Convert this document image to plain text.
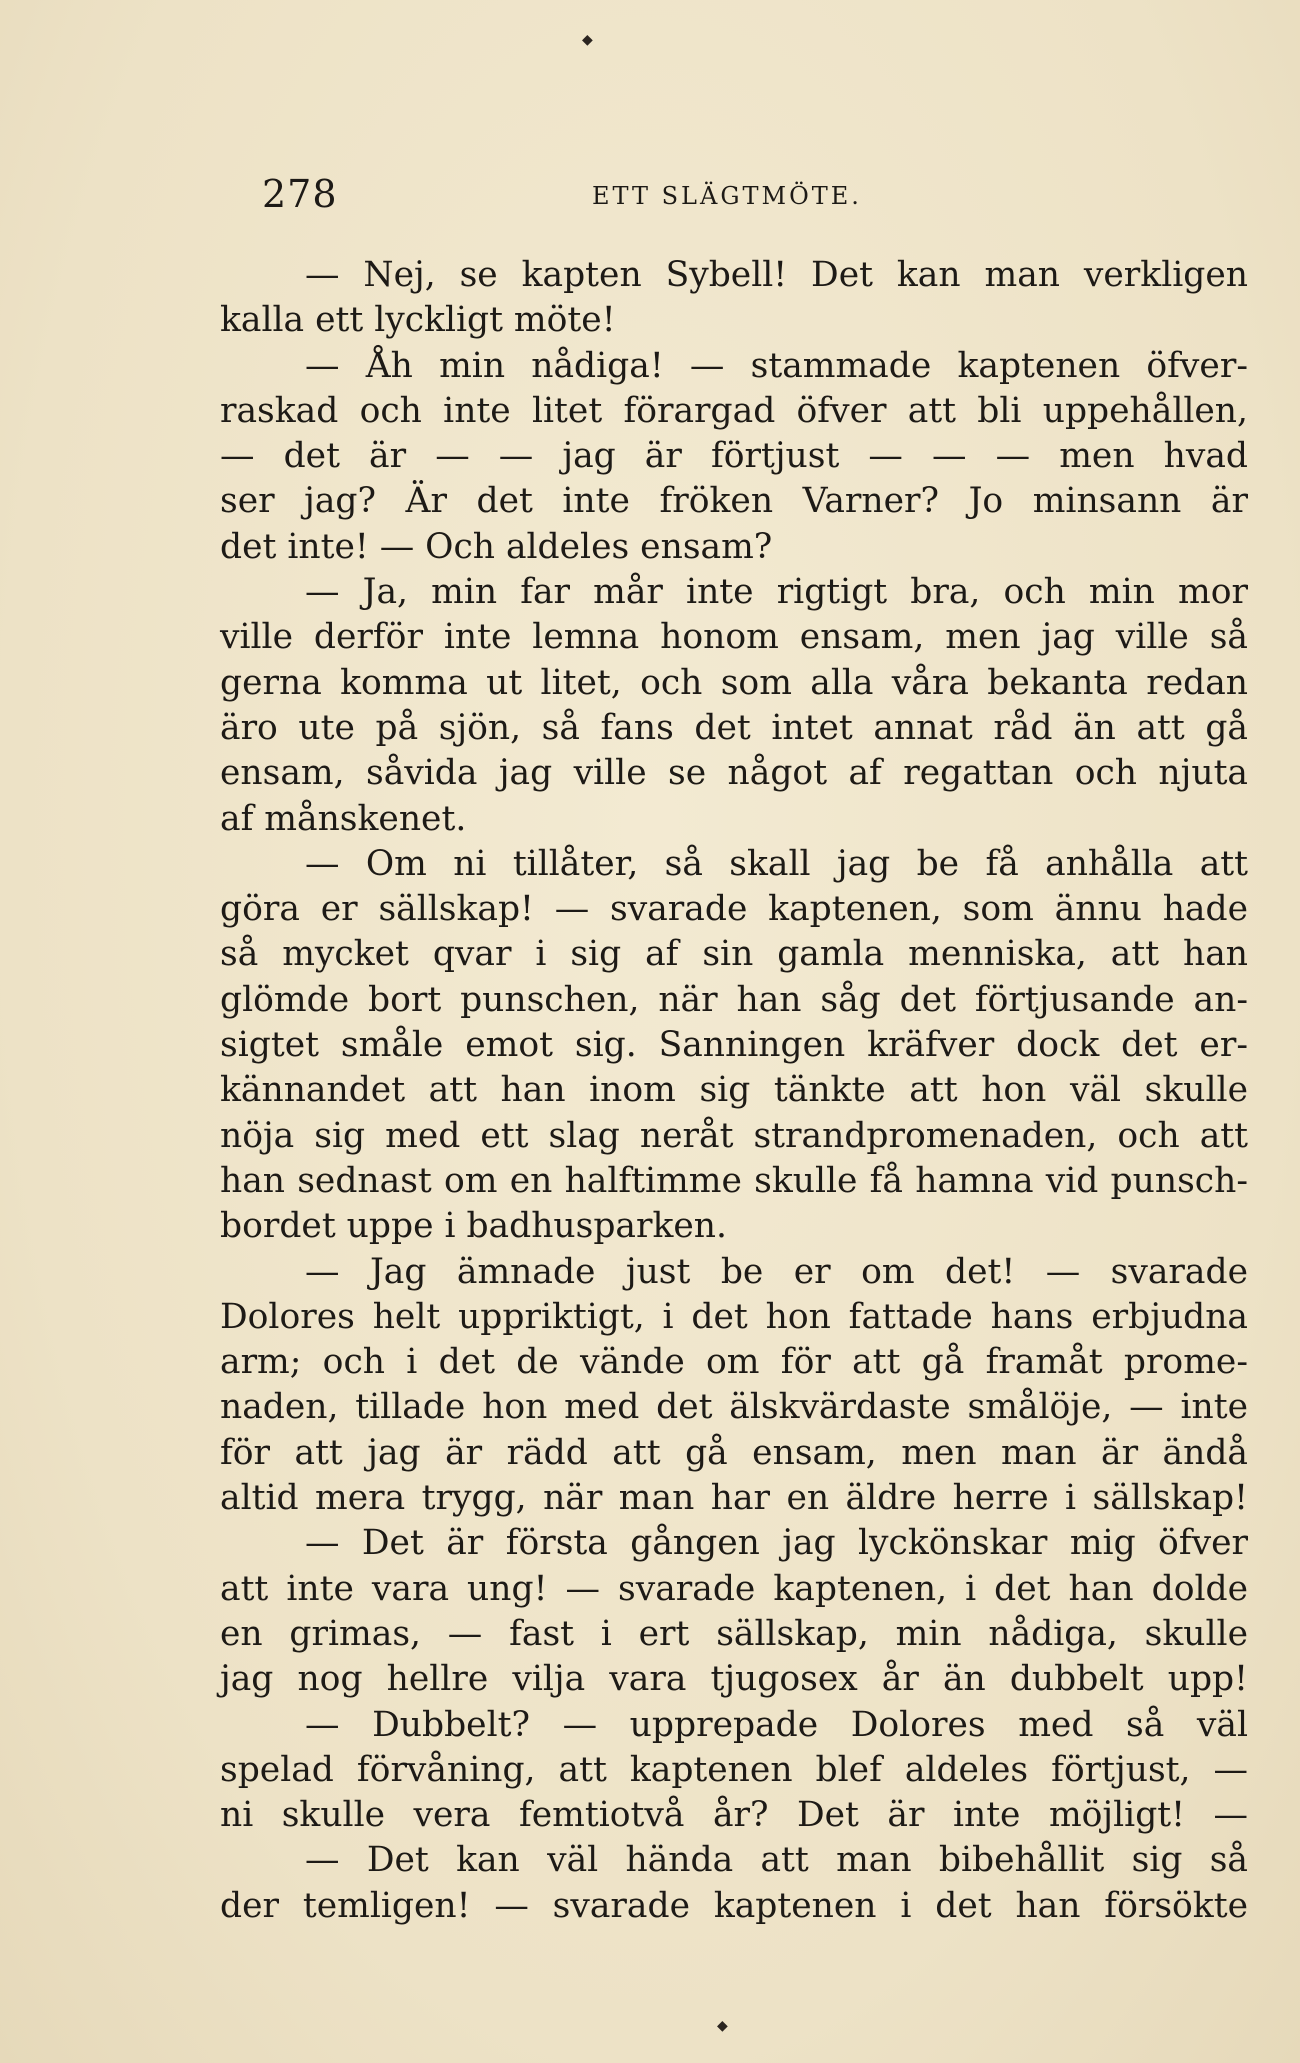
◆
◆
278	ETT SLÄGTMÖTE.
— Nej, se kapten Sybell! Det kan man verkligen
kalla ett lyckligt möte!
— Åh min nådiga! — stammade kaptenen öfver-
raskad och inte litet förargad öfver att bli uppehållen,
— det är — — jag är förtjust — — — men hvad
ser jag? Är det inte fröken Varner? Jo minsann är
det inte! — Och aldeles ensam?
— Ja, min far mår inte rigtigt bra, och min mor
ville derför inte lemna honom ensam, men jag ville så
gerna komma ut litet, och som alla våra bekanta redan
äro ute på sjön, så fans det intet annat råd än att gå
ensam, såvida jag ville se något af regattan och njuta
af månskenet.
— Om ni tillåter, så skall jag be få anhålla att
göra er sällskap! — svarade kaptenen, som ännu hade
så mycket qvar i sig af sin gamla menniska, att han
glömde bort punschen, när han såg det förtjusande an-
sigtet småle emot sig. Sanningen kräfver dock det er-
kännandet att han inom sig tänkte att hon väl skulle
nöja sig med ett slag neråt strandpromenaden, och att
han sednast om en halftimme skulle få hamna vid punsch-
bordet uppe i badhusparken.
— Jag ämnade just be er om det! — svarade
Dolores helt uppriktigt, i det hon fattade hans erbjudna
arm; och i det de vände om för att gå framåt prome-
naden, tillade hon med det älskvärdaste smålöje, — inte
för att jag är rädd att gå ensam, men man är ändå
altid mera trygg, när man har en äldre herre i sällskap!
— Det är första gången jag lyckönskar mig öfver
att inte vara ung! — svarade kaptenen, i det han dolde
en grimas, — fast i ert sällskap, min nådiga, skulle
jag nog hellre vilja vara tjugosex år än dubbelt upp!
— Dubbelt? — upprepade Dolores med så väl
spelad förvåning, att kaptenen blef aldeles förtjust, —
ni skulle vera femtiotvå år? Det är inte möjligt! —
— Det kan väl hända att man bibehållit sig så
der temligen! — svarade kaptenen i det han försökte
